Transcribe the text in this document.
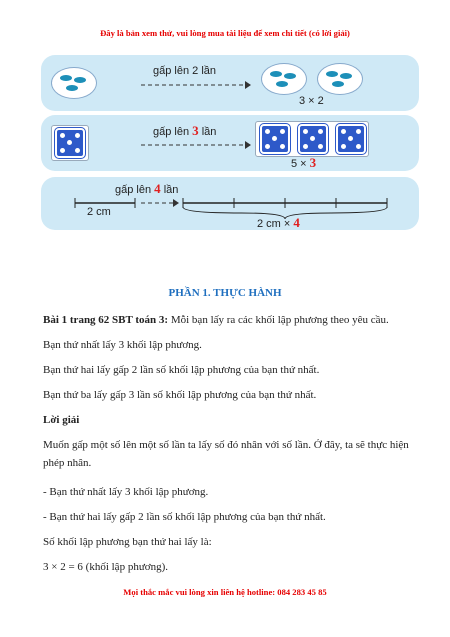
Đây là bản xem thử, vui lòng mua tài liệu để xem chi tiết (có lời giải)
gấp lên 2 lần
3 × 2
gấp lên 3 lần
5 × 3
gấp lên 4 lần
2 cm
2 cm × 4
PHẦN 1. THỰC HÀNH
Bài 1 trang 62 SBT toán 3: Mỗi bạn lấy ra các khối lập phương theo yêu cầu.
Bạn thứ nhất lấy 3 khối lập phương.
Bạn thứ hai lấy gấp 2 lần số khối lập phương của bạn thứ nhất.
Bạn thứ ba lấy gấp 3 lần số khối lập phương của bạn thứ nhất.
Lời giải
Muốn gấp một số lên một số lần ta lấy số đó nhân với số lần. Ở đây, ta sẽ thực hiện phép nhân.
- Bạn thứ nhất lấy 3 khối lập phương.
- Bạn thứ hai lấy gấp 2 lần số khối lập phương của bạn thứ nhất.
Số khối lập phương bạn thứ hai lấy là:
3 × 2 = 6 (khối lập phương).
Mọi thắc mắc vui lòng xin liên hệ hotline: 084 283 45 85
